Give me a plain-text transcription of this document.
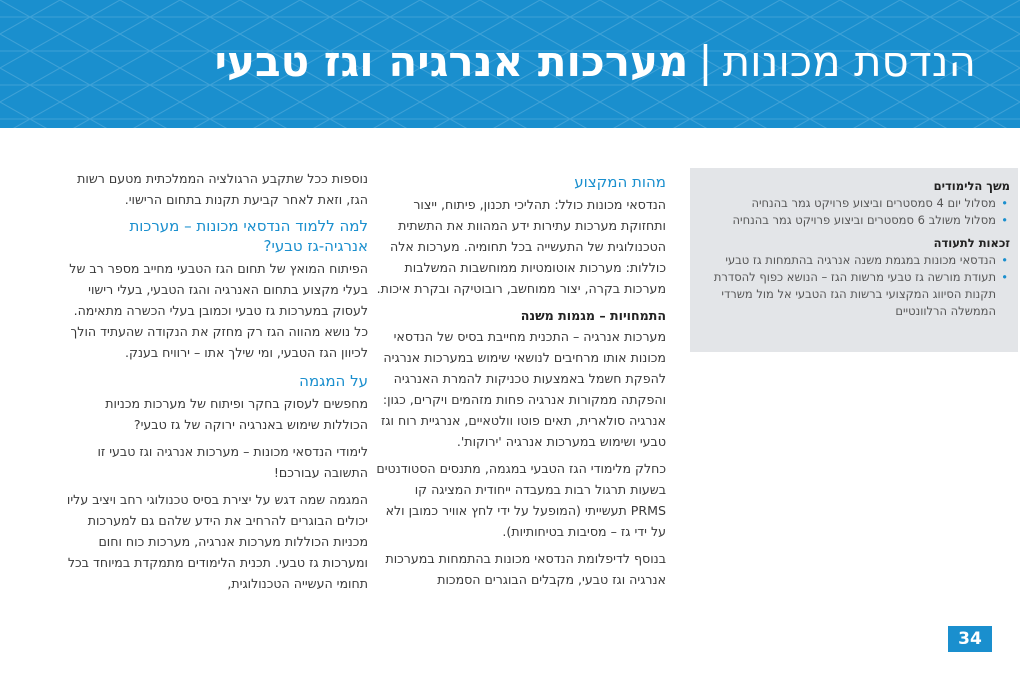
הנדסת מכונות|מערכות אנרגיה וגז טבעי
משך הלימודים
• מסלול יום 4 סמסטרים וביצוע פרויקט גמר בהנחיה
• מסלול משולב 6 סמסטרים וביצוע פרויקט גמר בהנחיה
זכאות לתעודה
• הנדסאי מכונות במגמת משנה אנרגיה בהתמחות גז טבעי
• תעודת מורשה גז טבעי מרשות הגז – הנושא כפוף להסדרת תקנות הסיווג המקצועי ברשות הגז הטבעי אל מול משרדי הממשלה הרלוונטיים
מהות המקצוע

הנדסאי מכונות כולל: תהליכי תכנון, פיתוח, ייצור ותחזוקת מערכות עתירות ידע המהוות את התשתית הטכנולוגית של התעשייה בכל תחומיה. מערכות אלה כוללות: מערכות אוטומטיות ממוחשבות המשלבות מערכות בקרה, יצור ממוחשב, רובוטיקה ובקרת איכות.

התמחויות – מגמות משנה

מערכות אנרגיה – התכנית מחייבת בסיס של הנדסאי מכונות אותו מרחיבים לנושאי שימוש במערכות אנרגיה להפקת חשמל באמצעות טכניקות להמרת האנרגיה והפקתה ממקורות אנרגיה פחות מזהמים ויקרים, כגון: אנרגיה סולארית, תאים פוטו וולטאיים, אנרגיית רוח וגז טבעי ושימוש במערכות אנרגיה 'ירוקות'.

כחלק מלימודי הגז הטבעי במגמה, מתנסים הסטודנטים בשעות תרגול רבות במעבדה ייחודית המציגה קו PRMS תעשייתי (המופעל על ידי לחץ אוויר כמובן ולא על ידי גז – מסיבות בטיחותיות).

בנוסף לדיפלומת הנדסאי מכונות בהתמחות במערכות אנרגיה וגז טבעי, מקבלים הבוגרים הסמכות

נוספות ככל שתקבע הרגולציה הממלכתית מטעם רשות הגז, וזאת לאחר קביעת תקנות בתחום הרישוי.

למה ללמוד הנדסאי מכונות – מערכות אנרגיה-גז טבעי?

הפיתוח המואץ של תחום הגז הטבעי מחייב מספר רב של בעלי מקצוע בתחום האנרגיה והגז הטבעי, בעלי רישוי לעסוק במערכות גז טבעי וכמובן בעלי הכשרה מתאימה. כל נושא מהווה הגז רק מחזק את הנקודה שהעתיד הולך לכיוון הגז הטבעי, ומי שילך אתו – ירוויח בענק.

על המגמה

מחפשים לעסוק בחקר ופיתוח של מערכות מכניות הכוללות שימוש באנרגיה ירוקה של גז טבעי?

לימודי הנדסאי מכונות – מערכות אנרגיה וגז טבעי זו התשובה עבורכם!

המגמה שמה דגש על יצירת בסיס טכנולוגי רחב ויציב עליו יכולים הבוגרים להרחיב את הידע שלהם גם למערכות מכניות הכוללות מערכות אנרגיה, מערכות כוח וחום ומערכות גז טבעי. תכנית הלימודים מתמקדת במיוחד בכל תחומי העשייה הטכנולוגית,

34
